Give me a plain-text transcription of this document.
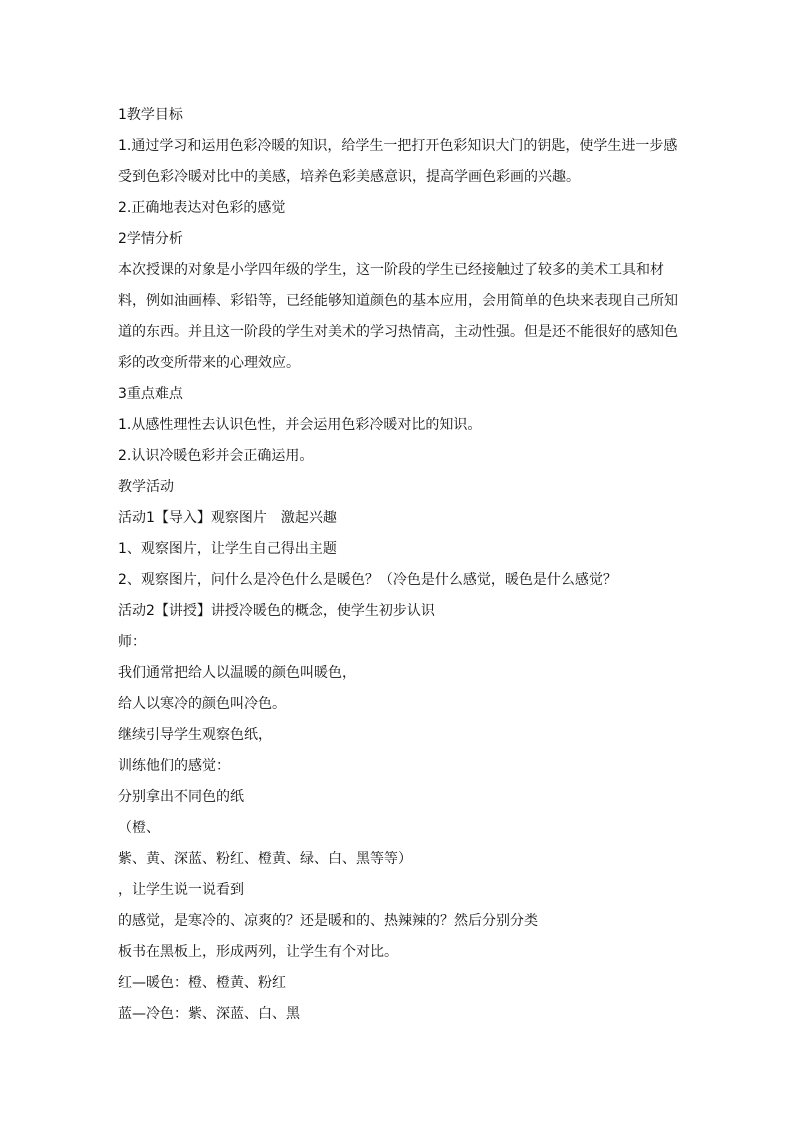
1教学目标

1.通过学习和运用色彩冷暖的知识，给学生一把打开色彩知识大门的钥匙，使学生进一步感受到色彩冷暖对比中的美感，培养色彩美感意识，提高学画色彩画的兴趣。

2.正确地表达对色彩的感觉

2学情分析

本次授课的对象是小学四年级的学生，这一阶段的学生已经接触过了较多的美术工具和材料，例如油画棒、彩铅等，已经能够知道颜色的基本应用，会用简单的色块来表现自己所知道的东西。并且这一阶段的学生对美术的学习热情高，主动性强。但是还不能很好的感知色彩的改变所带来的心理效应。

3重点难点

1.从感性理性去认识色性，并会运用色彩冷暖对比的知识。

2.认识冷暖色彩并会正确运用。

教学活动

活动1【导入】观察图片　激起兴趣

1、观察图片，让学生自己得出主题

2、观察图片，问什么是冷色什么是暖色？（冷色是什么感觉，暖色是什么感觉？

活动2【讲授】讲授冷暖色的概念，使学生初步认识

师：

我们通常把给人以温暖的颜色叫暖色，

给人以寒冷的颜色叫冷色。

继续引导学生观察色纸，

训练他们的感觉：

分别拿出不同色的纸

（橙、

紫、黄、深蓝、粉红、橙黄、绿、白、黑等等）

，让学生说一说看到

的感觉，是寒冷的、凉爽的？还是暖和的、热辣辣的？然后分别分类

板书在黑板上，形成两列，让学生有个对比。

红—暖色：橙、橙黄、粉红

蓝—冷色：紫、深蓝、白、黑
